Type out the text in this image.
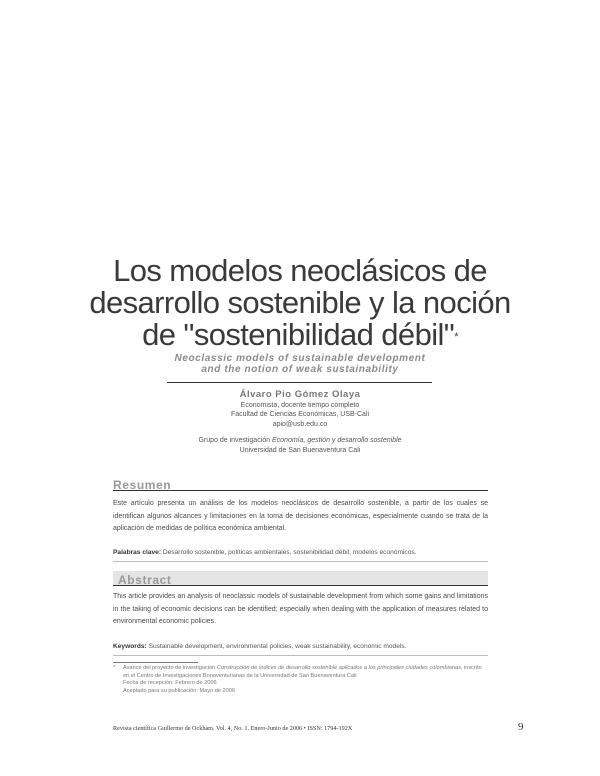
Los modelos neoclásicos de
desarrollo sostenible y la noción
de "sostenibilidad débil"*
Neoclassic models of sustainable development
and the notion of weak sustainability
Álvaro Pio Gómez Olaya
Economista, docente tiempo completo
Facultad de Ciencias Económicas, USB-Cali
apio@usb.edu.co
Grupo de investigación Economía, gestión y desarrollo sostenible
Universidad de San Buenaventura Cali
Resumen
Este artículo presenta un análisis de los modelos neoclásicos de desarrollo sostenible, a partir de los cuales se identifican algunos alcances y limitaciones en la toma de decisiones económicas, especialmente cuando se trata de la aplicación de medidas de política económica ambiental.
Palabras clave: Desarrollo sostenible, políticas ambientales, sostenibilidad débil, modelos económicos.
Abstract
This article provides an analysis of neoclassic models of sustainable development from which some gains and limitations in the taking of economic decisions can be identified; especially when dealing with the application of measures related to environmental economic policies.
Keywords: Sustainable development, environmental policies, weak sustainability, economic models.
*	Avance del proyecto de investigación Construcción de índices de desarrollo sostenible aplicados a los principales ciudades colombianas, inscrito en el Centro de Investigaciones Bonaventurianas de la Universidad de San Buenaventura Cali
Fecha de recepción: Febrero de 2006
Aceptado para su publicación: Mayo de 2006
Revista científica Guillermo de Ockham. Vol. 4, No. 1. Enero-Junio de 2006 • ISSN: 1794-192X	9
